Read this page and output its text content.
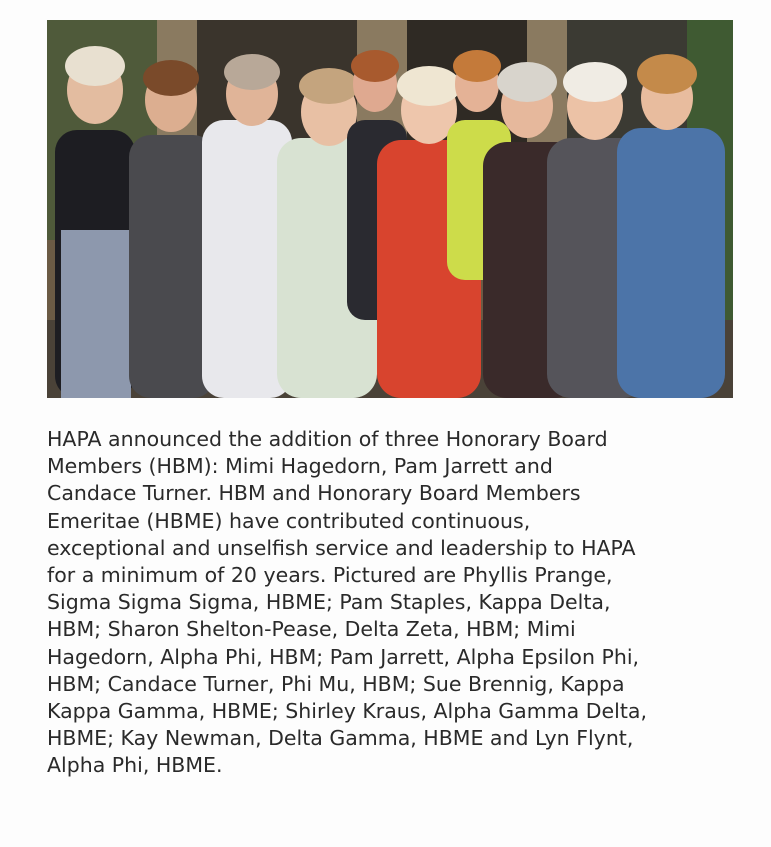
HAPA announced the addition of three Honorary Board
Members (HBM): Mimi Hagedorn, Pam Jarrett and
Candace Turner. HBM and Honorary Board Members
Emeritae (HBME) have contributed continuous,
exceptional and unselfish service and leadership to HAPA
for a minimum of 20 years. Pictured are Phyllis Prange,
Sigma Sigma Sigma, HBME; Pam Staples, Kappa Delta,
HBM; Sharon Shelton-Pease, Delta Zeta, HBM; Mimi
Hagedorn, Alpha Phi, HBM; Pam Jarrett, Alpha Epsilon Phi,
HBM; Candace Turner, Phi Mu, HBM; Sue Brennig, Kappa
Kappa Gamma, HBME; Shirley Kraus, Alpha Gamma Delta,
HBME; Kay Newman, Delta Gamma, HBME and Lyn Flynt,
Alpha Phi, HBME.
